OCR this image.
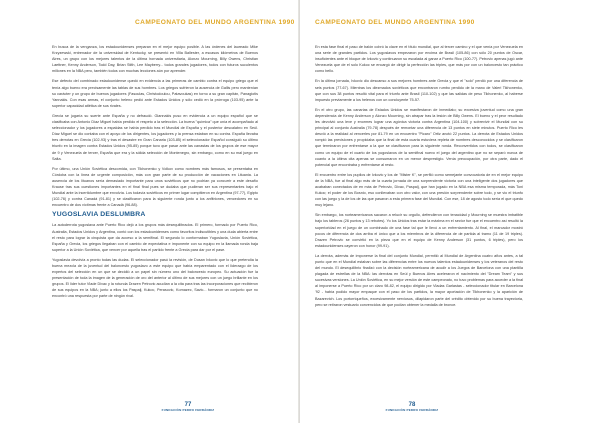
CAMPEONATO DEL MUNDO ARGENTINA 1990

En busca de la venganza, los estadounidenses preparan en el mejor equipo posible. A las órdenes del laureado Mike Krzyzewski, entrenador de la universidad de Kentucky, se presentó en Villa Ballester, a escasos kilómetros de Buenos Aires, un grupo con los mejores talentos de la última hornada universitaria, Alonzo Mourning, Billy Owens, Christian Laettner, Kenny Anderson, Todd Day, Brian Stith, Lee Mayberry... todos grandes jugadores, todos con futuros suculentos millones en la NBA pero, también todos con muchas lecciones aún por aprender.

Ese defecto del combinado estadounidense quedó en evidencia a las primeras de cambio contra el equipo griego que el tenía algo bueno era precisamente las tablas de sus hombres. Los griegos sufrieron la ausencia de Gallis pero mantenían su carácter y un grupo de buenos jugadores (Fasoulas, Christodoulou, Patavoukas) en torno a su gran capitán, Panagiotis Yannakis. Con esas armas, el conjunto heleno pedió ante Estados Unidos y sólo cedió en la prórroga (103-95) ante la superior capacidad atlética de sus rivales.

Grecia se jugaría su suerte ante España y no defraudó. Glannakis puso en evidencia a un equipo español que se clasificaba con Antonio Díaz Miguel había perdido el respeto a la selección. La buena "química" que unía el acompañado al seleccionador y los jugadores a espaldas se había perdido tras el Mundial de España y el posterior descalabro en Seúl. Díaz Miguel se dio contaba con el apoyo de los dirigentes, los jugadores y la prensa estaban en su contra. España llevaba tres derrotas en Grecia (102-93) y tras el desastre en Gran Canaria (103-85) el seleccionador Español consiguió su último triunfo en la imagen contra Estados Unidos (95-85) porque tuvo que pasar ante las canastas de los grupos de ese mayor de 9 y Venezuela de tercer, España que era y la sólida selección de Montenegro, sin embargo, como en su mal juego en Salta.

Por último, una Unión Soviética descomida, con Tikhonenko y Volkov como nombres más famosos, se presentaba en Córdoba con la línea de urgente composición, más con gran parte de su producción de vacaciones en Lituania. La ausencia de los lituanos sería demasiado importante para unos soviéticos que no podrían ya concurrir a este desafío Krause tras sus cuestiones importantes en el final final pues se dudaba que pudieran ser sus representantes bajo el Mundial ante la incertidumbre que envolvía. Los todavía soviéticos en primer lugar compitieron en Argentina (97-77), Egipto (102-76) y contra Canadá (91-81) y se clasificaron para la siguiente ronda junto a los anfitriones, vencedores en su encuentro de dos víctimas frente a Canadá (96-88).

YUGOSLAVIA DESLUMBRA

La autoderrota yugoslava ante Puerto Rico dejó a los grupos más desequilibrados. El primero, formado por Puerto Rico, Australia, Estados Unidos y Argentina, contó con los estadounidenses como favoritos indiscutibles y una duda abierta entre el resto para lograr la cinquista que da acceso a la semifinal. El segundo lo conformaban Yugoslavia, Unión Soviética, España y Grecia, los griegos llegaban con el cambio de expectativa e imponente con su equipo en la llamada ronda baja superior a la Unión Soviética, que vencer por aquella tras el partido frente a Grecia para dar por el pase.

Yugoslavia devolvía a pronto todas las dudas. El seleccionador pasó la revisión, de Dusan Ivkovic que lo que pretendía la buena mezcla de la juventud del baloncesto yugoslavo a este equipo que había emparentado con el liderazgo de los expertos del selección en un que se decidió a un papel sin número uno del baloncesto europeo. Su actuación fue la presentación de toda la imagen de la generación de oro del anterior al último de sus mejores con un juego brillante en los grupos. El líder tutor Vlade Divac y la rotunda Drazen Petrovic acudían a la cita para tras las incorporaciones que recibieron de sus equipos en la NBA; junto a ellos los Paspalj, Kukoc, Perasovic, Komazec, Savic... formaron un conjunto que no encontró una respuesta por parte de ningún rival.

77
FUNDACIÓN PEDRO FERRÁNDIZ
CAMPEONATO DEL MUNDO ARGENTINA 1990

En esta fase final el paso de balón cobró la clave en el título mundial, que al tercer camino y el que venía por Venezuela en una serie de grandes partidos. Los yugoslavos empezaron por encima de Brasil (105-86) con sólo 20 puntos de Oscar, insuficientes ante el bloque de Ivkovic y continuaron su escalada al ganar a Puerto Rico (100-77). Petrovic apenas jugó ante Venezuela que de el solo Kukoc se encargó de dirigir la perfección las triples, que más por con un baloncesto tan práctico como bello.

En la última jornada, Ivkovic dio descanso a sus mejores hombres ante Grecia y que el "solo" perdió por una diferencia de seis puntos (77-67). Mientras los diezmados soviéticos que encontraron rumbo perdido de la mano de Valeri Tikhonenko, que con sus 38 puntos resultó vital para el triunfo ante Brasil (110-102) y que las salidas de peso Tikhonenko, al haberse impuesto previamente a los helenos con un concluyente 75-57.

En el otro grupo, las canarias de Estados Unidos se manifestaron de inmediato; su excesiva juventud como una gran dependencia de Kenny Anderson y Alonzo Mourning, sin atrapar tras la lesión de Billy Owens. El bueno y el peor resultado les devolvió una leve y enormes lograr una agónica victoria contra Argentina (104-100) y sobrevivir el Mundial con su principal al conjunto Australia (79-78) después de remontar una diferencia de 13 puntos en siete minutos. Puerto Rico les desvió a la realidad al vencerles por 81-79 en un encuentro "Picaro" Ortiz anotó 22 puntos. La derrota de Estados Unidos rompió las previsiones y propiciaba que la final de esta cuarta estuviera repleta de nombres desconocidos y se clasificaron que terminaron por enfrentarse a la que se clasificaron para la siguiente ronda. Reconvertidos con todos, se clasificaron como un equipo de el cuarto de los yugoslavos de la semifinal nuevo el juego del argentino que no se separó nunca de cuanto a la última cita apenas se consumaron en un menor desprestigio. Venía preocupación, por otra parte, dado el potencial que encontraba y enfrentarse al resto.

El encuentro entre los pupilos de Ivkovic y los de "Mister K", se perfiló como semejante convocatoria de en el mejor equipo de la NBA, fue al final algo más de la cuarta jornada de una sorprendente victoria con una inteligente dos jugadores que acababan conectados de en más de Petrovic, Divac, Paspalj, que han jugado en la NBA esa misma temporada, más Toni Kukoc; el poder de los Bosnio, eso conllevaban con otro valor, con una presión sorprendente sobre todo, y se vio el triunfo con las juego y la de los de las que pasaron a esta primera fase del Mundial. Con ese, 18 de agosto todo sería el que quedo muy lejano.

Sin embargo, los norteamericanos sacaron a relucir su orgullo, defendieron con tenacidad y Mourning se muestra imbatible bajo los tableros (26 puntos y 13 rebotes). Yo los Unidos tras estar la máxima en el sector fue que el encuentro así resultó la superioridad en el juego de un combinado de una fase tal que le llevó a un enfrentamiento. Al final, el marcador mostró pocos de diferencia de dos arriba el único que a los miembros de la diferencia de de partida al tramo (11 de 19 triples). Drazen Petrovic se convirtió en la pieza que en el equipo de Kenny Anderson (31 puntos, 6 triples), pero los estadounidenses cayeron con honor (99-91).

La derrota, además de imponerse la final del conjunto Mundial, permitió al Mundial de Argentina cuatro años antes, a tal punto que en el Mundial estaban sobre las diferencias entre los nuevos talentos estadounidenses y los veteranos del resto del mundo. El desequilibrio finalizó con la decisión norteamericana de acudir a los Juegos de Barcelona con una plantilla plagada de estrellas de la NBA: las derrotas en Seúl y Buenos Aires aceleraron el nacimiento del "Dream Team" y sus sucesivas versiones. La Unión Soviética, en su mejor versión de este campeonato, no tuvo problemas para acceder a la final al imponerse a Puerto Rico por un claro 98-82, el equipo dirigido por Vladas Garlastas - seleccionador titular en Barcelona '92 - había podido mayor empaque con el paso de los partidos, la mayor aportación de Tikhonenko y la aparición de Bazarevich. Los portorriqueños, excesivamente nerviosos, dilapidaron parte del crédito obtenido por su buena trayectoria, pero se retiraron vestuario convencidos de que podían obtener la medalla de bronce.

78
FUNDACIÓN PEDRO FERRÁNDIZ
